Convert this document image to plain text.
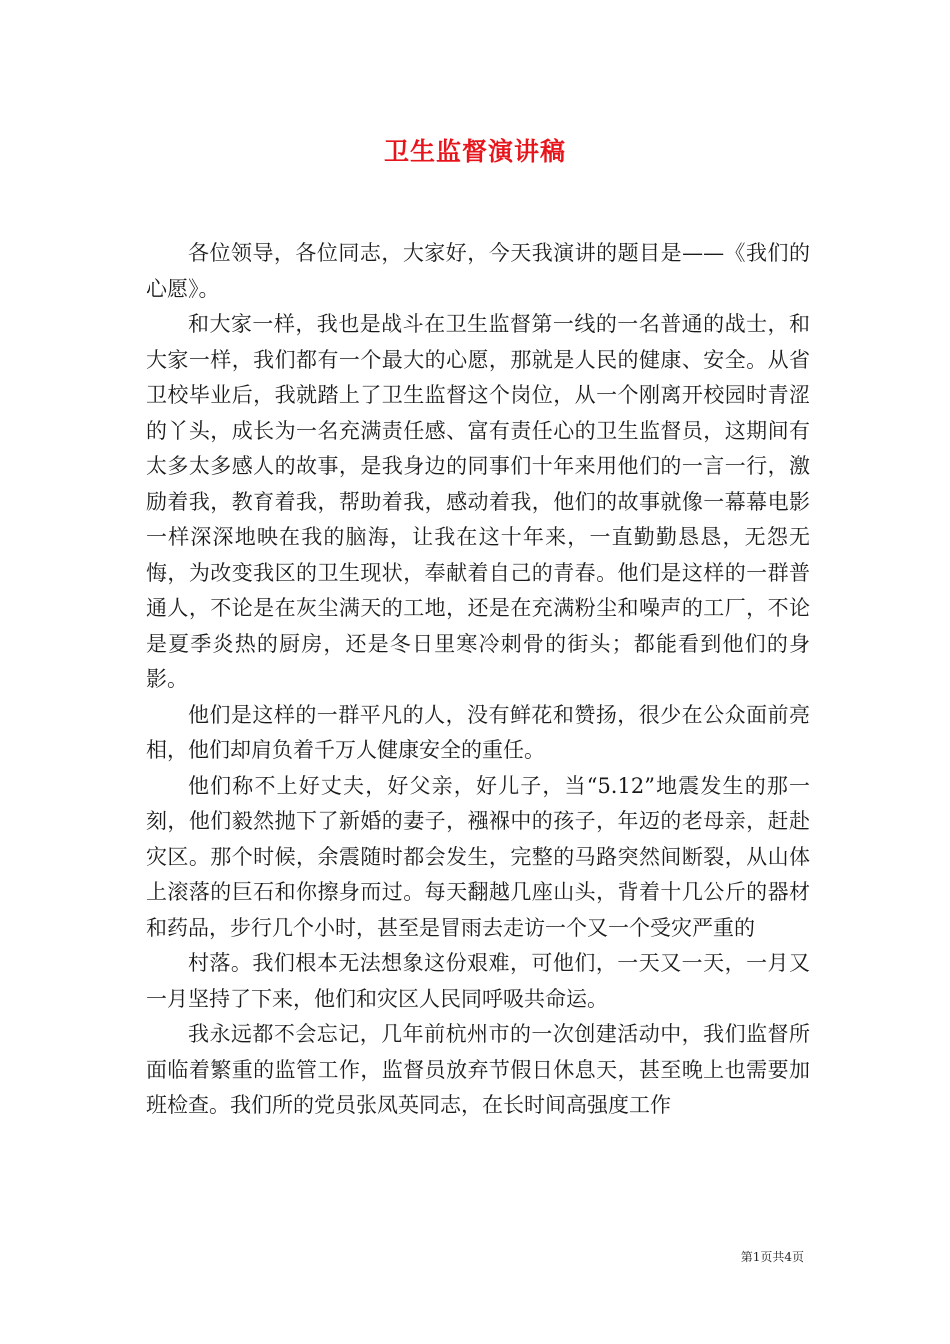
卫生监督演讲稿

各位领导，各位同志，大家好，今天我演讲的题目是——《我们的心愿》。

和大家一样，我也是战斗在卫生监督第一线的一名普通的战士，和大家一样，我们都有一个最大的心愿，那就是人民的健康、安全。从省卫校毕业后，我就踏上了卫生监督这个岗位，从一个刚离开校园时青涩的丫头，成长为一名充满责任感、富有责任心的卫生监督员，这期间有太多太多感人的故事，是我身边的同事们十年来用他们的一言一行，激励着我，教育着我，帮助着我，感动着我，他们的故事就像一幕幕电影一样深深地映在我的脑海，让我在这十年来，一直勤勤恳恳，无怨无悔，为改变我区的卫生现状，奉献着自己的青春。他们是这样的一群普通人，不论是在灰尘满天的工地，还是在充满粉尘和噪声的工厂，不论是夏季炎热的厨房，还是冬日里寒冷刺骨的街头；都能看到他们的身影。

他们是这样的一群平凡的人，没有鲜花和赞扬，很少在公众面前亮相，他们却肩负着千万人健康安全的重任。

他们称不上好丈夫，好父亲，好儿子，当“5.12”地震发生的那一刻，他们毅然抛下了新婚的妻子，襁褓中的孩子，年迈的老母亲，赶赴灾区。那个时候，余震随时都会发生，完整的马路突然间断裂，从山体上滚落的巨石和你擦身而过。每天翻越几座山头，背着十几公斤的器材和药品，步行几个小时，甚至是冒雨去走访一个又一个受灾严重的

村落。我们根本无法想象这份艰难，可他们，一天又一天，一月又一月坚持了下来，他们和灾区人民同呼吸共命运。

我永远都不会忘记，几年前杭州市的一次创建活动中，我们监督所面临着繁重的监管工作，监督员放弃节假日休息天，甚至晚上也需要加班检查。我们所的党员张凤英同志，在长时间高强度工作

第1页共4页
